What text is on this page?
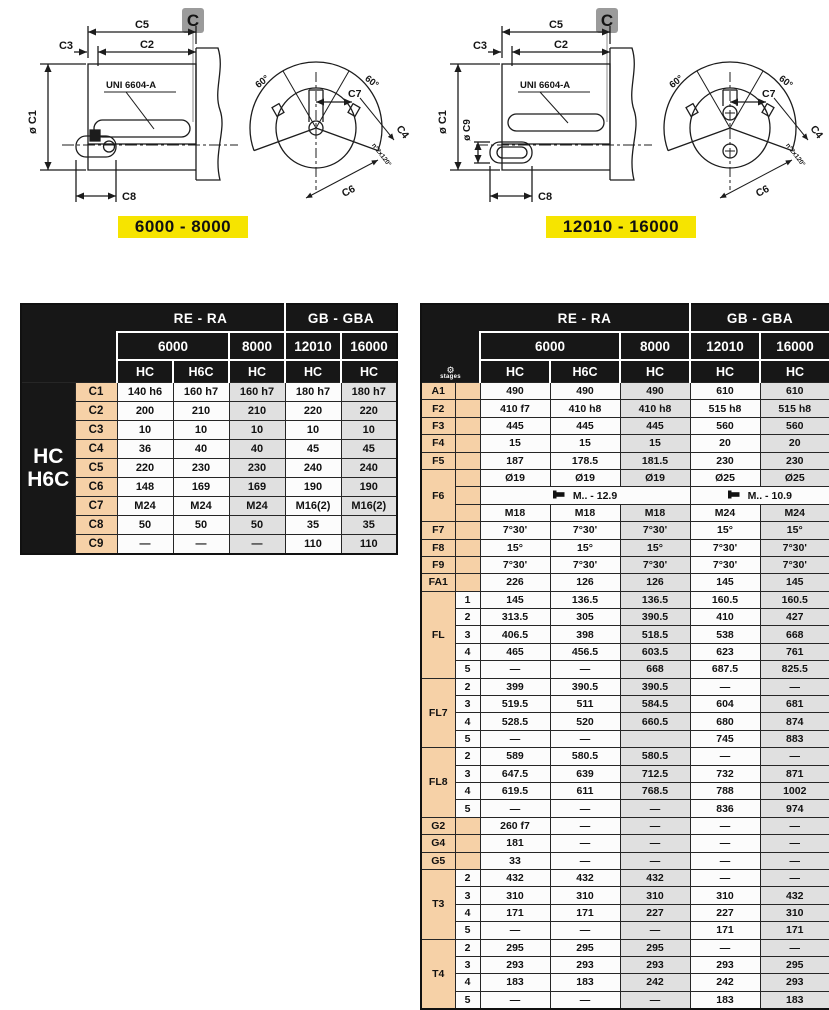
C
C5
C2
C3
UNI 6604-A
ø C1
C8
60°	60°
C7
C4
n°2x120°
C6
C
C5
C2
C3
UNI 6604-A
ø C1 ø C9
C8
60°	60°
C7
C4
n°2x120°
C6
6000 - 8000	12010 - 16000
		RE - RA			GB - GBA	
		6000		8000	12010	16000
		HC	H6C	HC	HC	HC

HC
H6C	C1	140 h6	160 h7	160 h7	180 h7	180 h7
	C2	200	210	210	220	220
	C3	10	10	10	10	10
	C4	36	40	40	45	45
	C5	220	230	230	240	240
	C6	148	169	169	190	190
	C7	M24	M24	M24	M16(2)	M16(2)
	C8	50	50	50	35	35
	C9	—	—	—	110	110
		RE - RA			GB - GBA	
		6000		8000	12010	16000

⚙
stages		HC	H6C	HC	HC	HC
A1		490	490	490	610	610
F2		410 f7	410 h8	410 h8	515 h8	515 h8
F3		445	445	445	560	560
F4		15	15	15	20	20
F5		187	178.5	181.5	230	230
F6		Ø19	Ø19	Ø19	Ø25	Ø25
		M.. - 12.9			M.. - 10.9	
		M18	M18	M18	M24	M24
F7		7°30'	7°30'	7°30'	15°	15°
F8		15°	15°	15°	7°30'	7°30'
F9		7°30'	7°30'	7°30'	7°30'	7°30'
FA1		226	126	126	145	145
FL	1	145	136.5	136.5	160.5	160.5
	2	313.5	305	390.5	410	427
	3	406.5	398	518.5	538	668
	4	465	456.5	603.5	623	761
	5	—	—	668	687.5	825.5
FL7	2	399	390.5	390.5	—	—
	3	519.5	511	584.5	604	681
	4	528.5	520	660.5	680	874
	5	—	—		745	883
FL8	2	589	580.5	580.5	—	—
	3	647.5	639	712.5	732	871
	4	619.5	611	768.5	788	1002
	5	—	—	—	836	974
G2		260 f7	—	—	—	—
G4		181	—	—	—	—
G5		33	—	—	—	—
T3	2	432	432	432	—	—
	3	310	310	310	310	432
	4	171	171	227	227	310
	5	—	—	—	171	171
T4	2	295	295	295	—	—
	3	293	293	293	293	295
	4	183	183	242	242	293
	5	—	—	—	183	183
